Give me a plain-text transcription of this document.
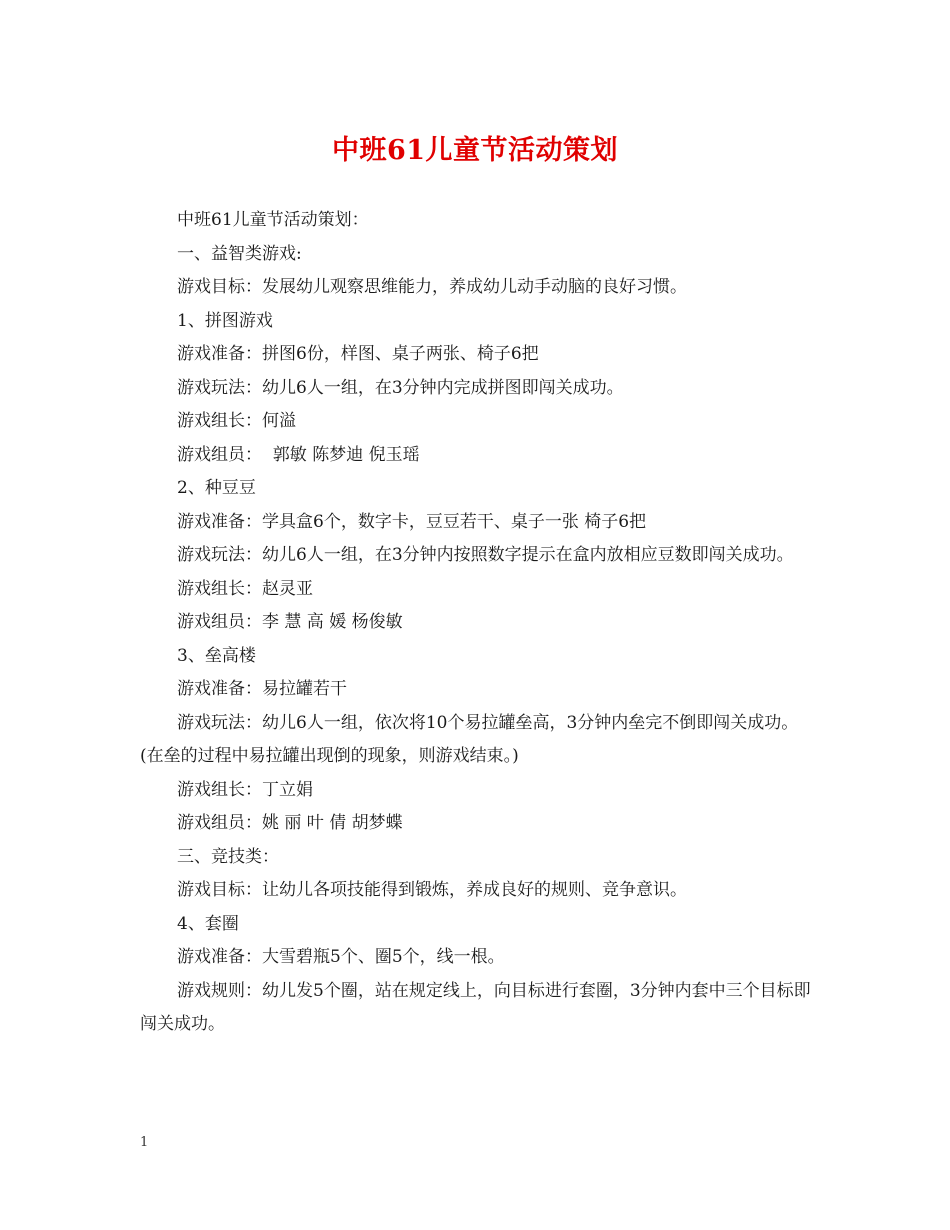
中班61儿童节活动策划

中班61儿童节活动策划：

一、益智类游戏:

游戏目标：发展幼儿观察思维能力，养成幼儿动手动脑的良好习惯。

1、拼图游戏

游戏准备：拼图6份，样图、桌子两张、椅子6把

游戏玩法：幼儿6人一组，在3分钟内完成拼图即闯关成功。

游戏组长：何溢

游戏组员：  郭敏 陈梦迪 倪玉瑶

2、种豆豆

游戏准备：学具盒6个，数字卡，豆豆若干、桌子一张 椅子6把

游戏玩法：幼儿6人一组，在3分钟内按照数字提示在盒内放相应豆数即闯关成功。

游戏组长：赵灵亚

游戏组员：李 慧 高 媛 杨俊敏

3、垒高楼

游戏准备：易拉罐若干

游戏玩法：幼儿6人一组，依次将10个易拉罐垒高，3分钟内垒完不倒即闯关成功。(在垒的过程中易拉罐出现倒的现象，则游戏结束。)

游戏组长：丁立娟

游戏组员：姚 丽 叶 倩 胡梦蝶

三、竞技类：

游戏目标：让幼儿各项技能得到锻炼，养成良好的规则、竞争意识。

4、套圈

游戏准备：大雪碧瓶5个、圈5个，线一根。

游戏规则：幼儿发5个圈，站在规定线上，向目标进行套圈，3分钟内套中三个目标即闯关成功。

1
